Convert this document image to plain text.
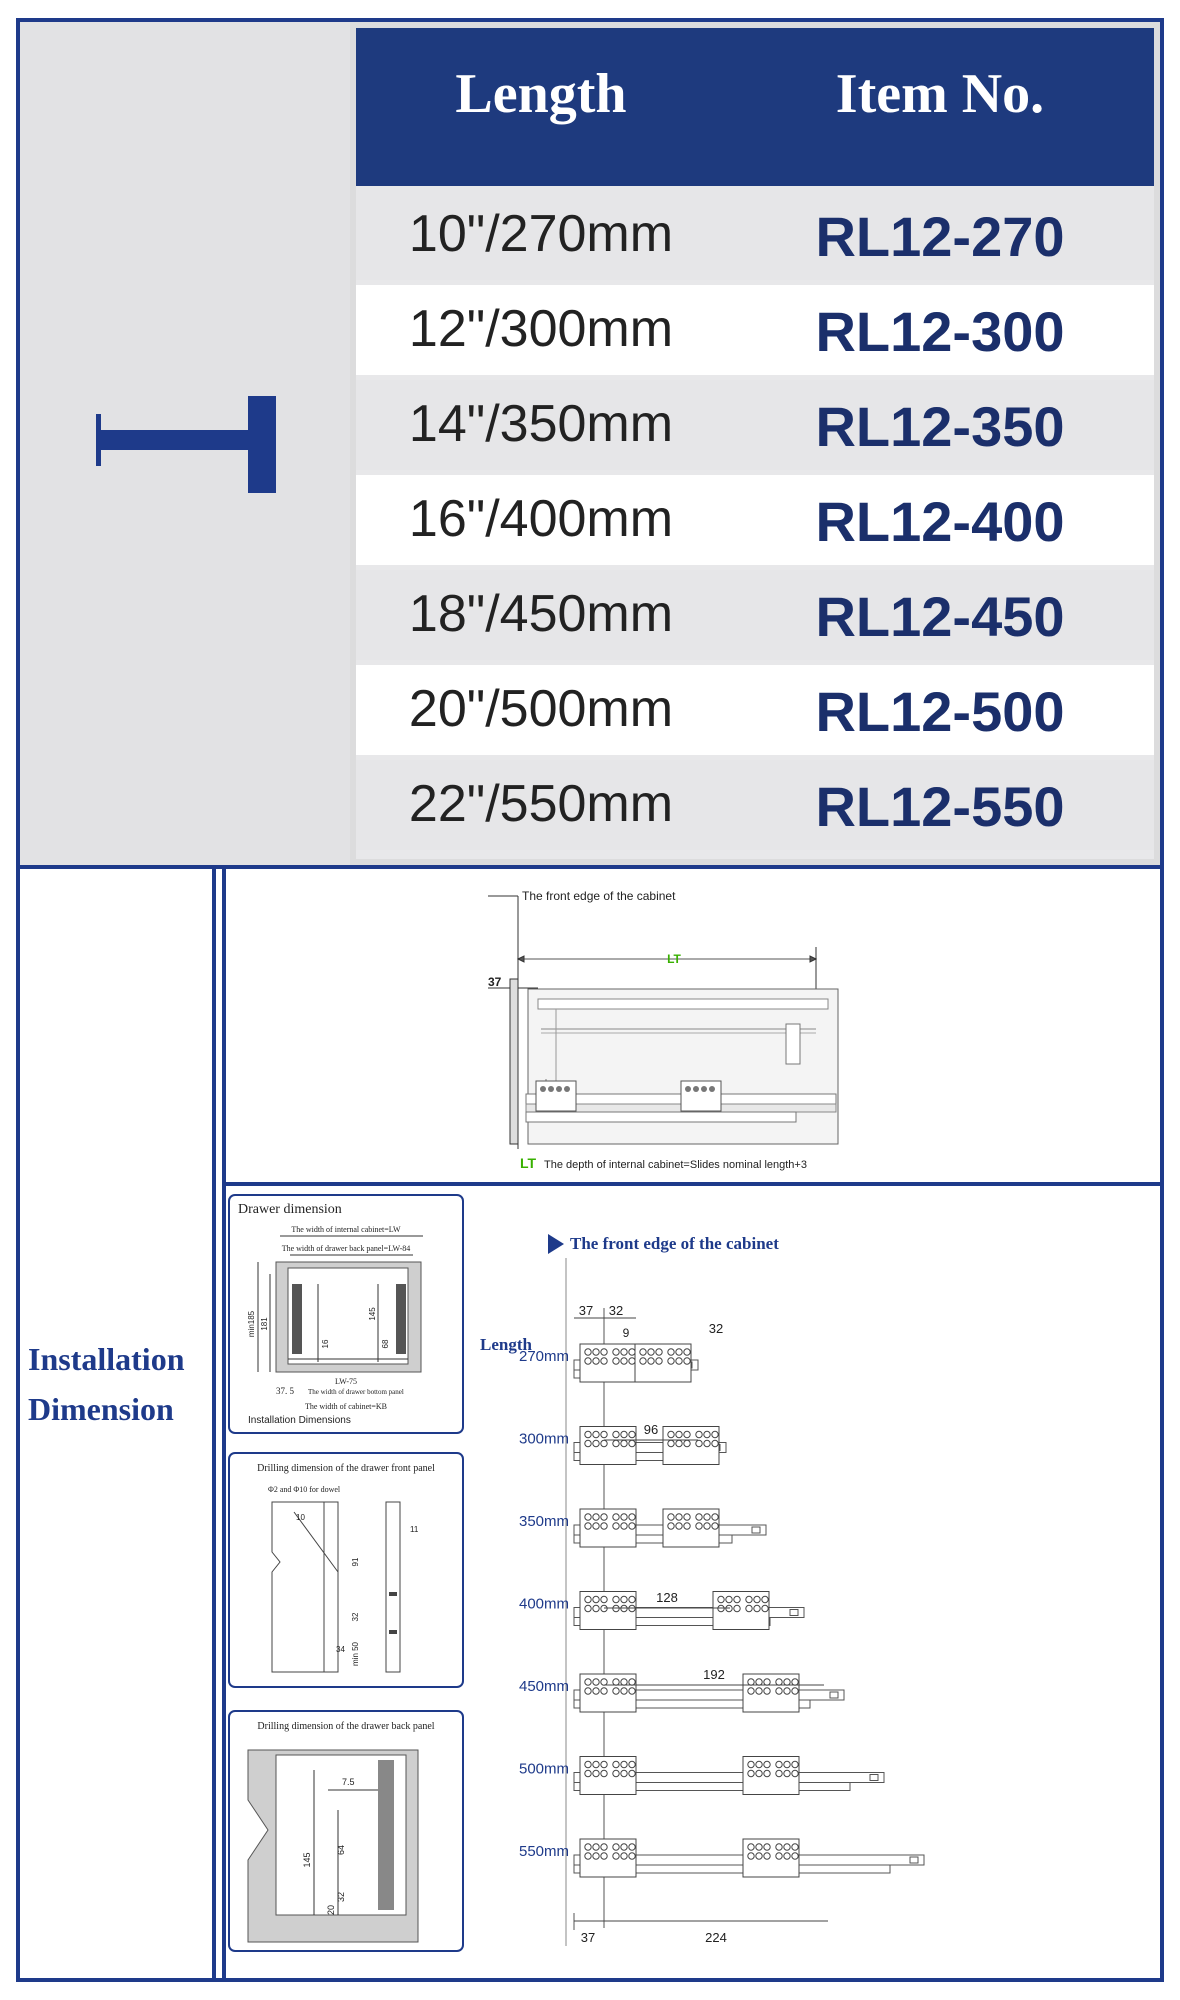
Length	Item No.
10"/270mm	RL12-270
12"/300mm	RL12-300
14"/350mm	RL12-350
16"/400mm	RL12-400
18"/450mm	RL12-450
20"/500mm	RL12-500
22"/550mm	RL12-550
Installation
Dimension
The front edge of the cabinet
LT
37
LT The depth of internal cabinet=Slides nominal length+3
Drawer dimension
The width of internal cabinet=LW
The width of drawer back panel=LW-84
min185 181
145
16	68
LW-75
37. 5 The width of drawer bottom panel
The width of cabinet=KB
Installation Dimensions
Drilling dimension of the drawer front panel
Φ2 and Φ10 for dowel
10
11
91
32
34 min 50
Drilling dimension of the drawer back panel
7.5
64
145
32
20
The front edge of the cabinet
Length
270mm
300mm
350mm
400mm
450mm
500mm
550mm
37 32
32
9
96
128
192
37	224
